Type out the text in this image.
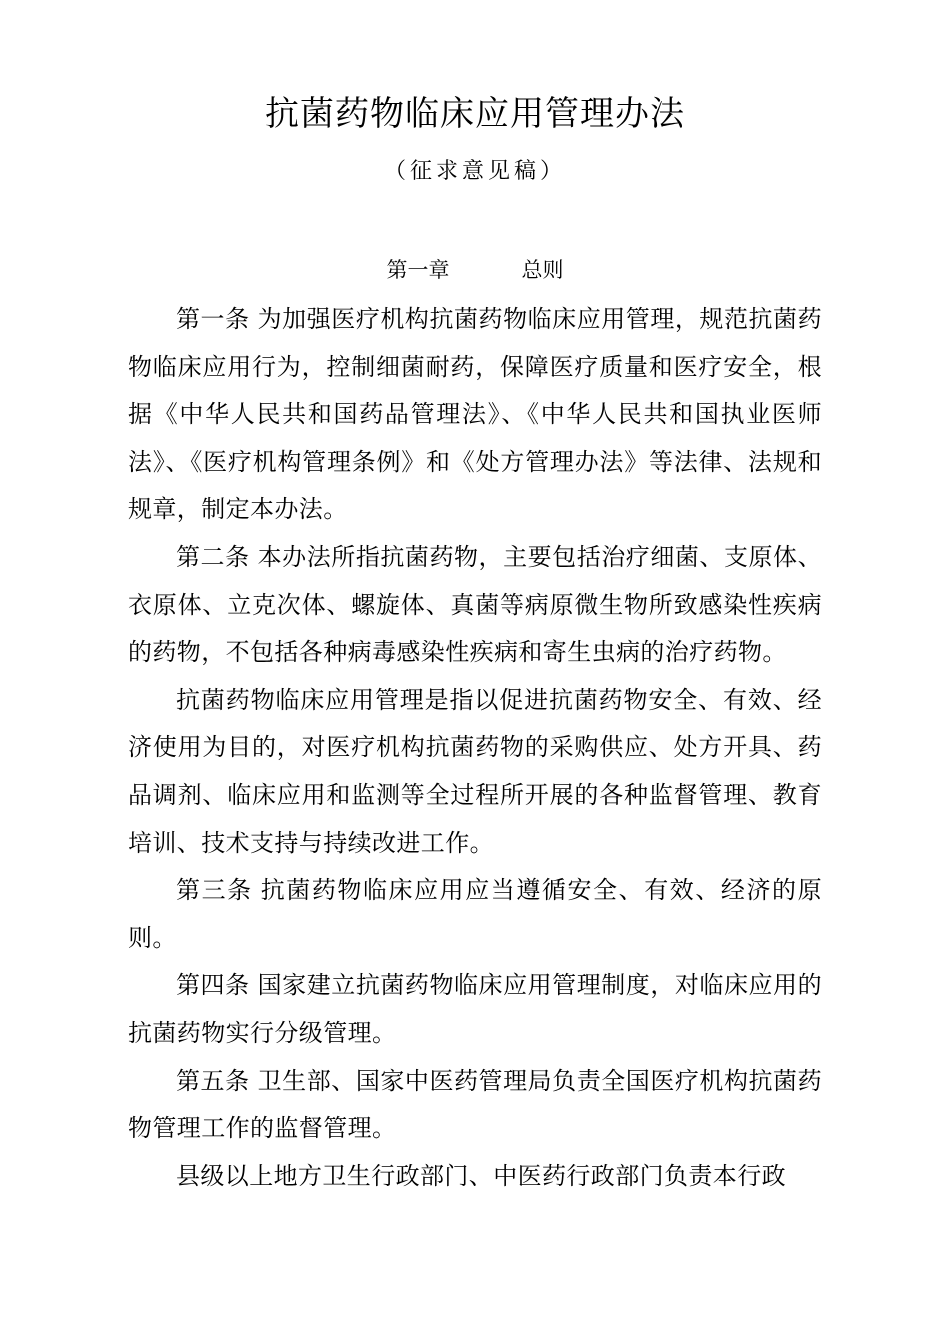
抗菌药物临床应用管理办法
（征求意见稿）
第一章	总则

第一条 为加强医疗机构抗菌药物临床应用管理，规范抗菌药物临床应用行为，控制细菌耐药，保障医疗质量和医疗安全，根据《中华人民共和国药品管理法》、《中华人民共和国执业医师法》、《医疗机构管理条例》和《处方管理办法》等法律、法规和规章，制定本办法。

第二条 本办法所指抗菌药物，主要包括治疗细菌、支原体、衣原体、立克次体、螺旋体、真菌等病原微生物所致感染性疾病的药物，不包括各种病毒感染性疾病和寄生虫病的治疗药物。

抗菌药物临床应用管理是指以促进抗菌药物安全、有效、经济使用为目的，对医疗机构抗菌药物的采购供应、处方开具、药品调剂、临床应用和监测等全过程所开展的各种监督管理、教育培训、技术支持与持续改进工作。

第三条 抗菌药物临床应用应当遵循安全、有效、经济的原则。

第四条 国家建立抗菌药物临床应用管理制度，对临床应用的抗菌药物实行分级管理。

第五条 卫生部、国家中医药管理局负责全国医疗机构抗菌药物管理工作的监督管理。

县级以上地方卫生行政部门、中医药行政部门负责本行政
